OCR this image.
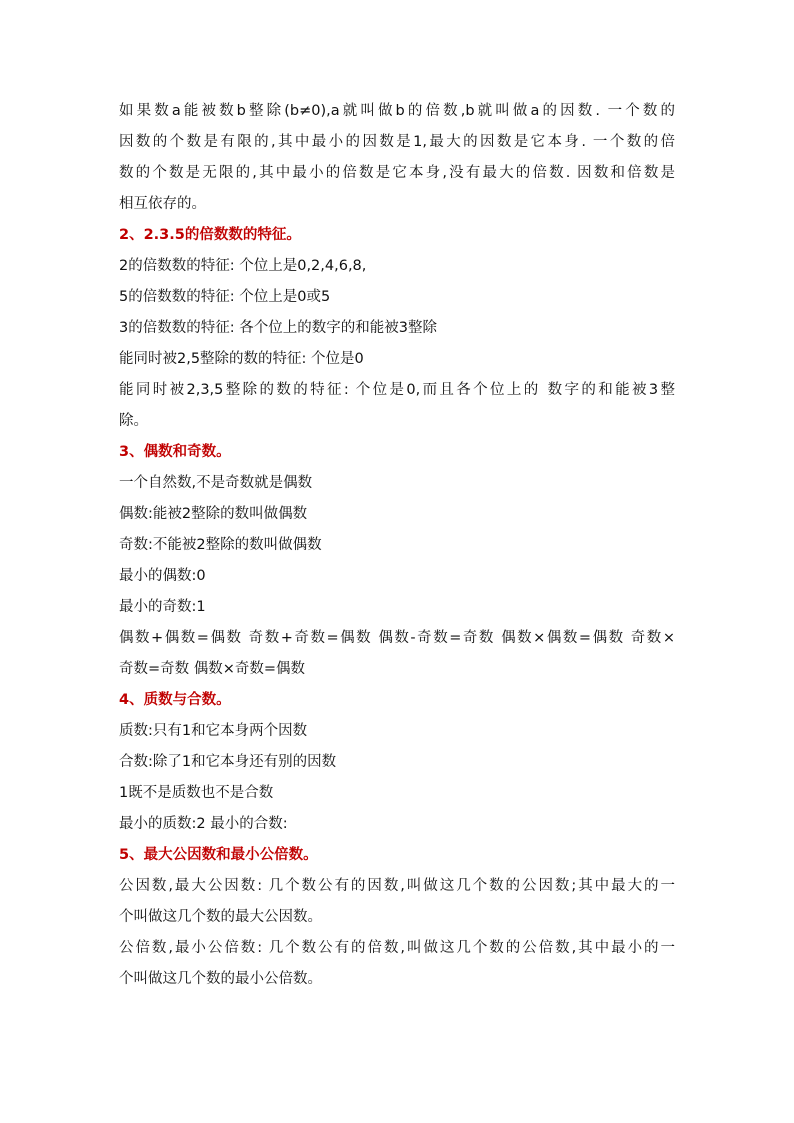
如果数a能被数b整除(b≠0),a就叫做b的倍数,b就叫做a的因数. 一个数的
因数的个数是有限的,其中最小的因数是1,最大的因数是它本身. 一个数的倍
数的个数是无限的,其中最小的倍数是它本身,没有最大的倍数. 因数和倍数是
相互依存的。
2、2.3.5的倍数数的特征。
2的倍数数的特征: 个位上是0,2,4,6,8,
5的倍数数的特征: 个位上是0或5
3的倍数数的特征: 各个位上的数字的和能被3整除
能同时被2,5整除的数的特征: 个位是0
能同时被2,3,5整除的数的特征: 个位是0,而且各个位上的 数字的和能被3整
除。
3、偶数和奇数。
一个自然数,不是奇数就是偶数
偶数:能被2整除的数叫做偶数
奇数:不能被2整除的数叫做偶数
最小的偶数:0
最小的奇数:1
偶数+偶数=偶数 奇数+奇数=偶数 偶数-奇数=奇数 偶数×偶数=偶数 奇数×
奇数=奇数 偶数×奇数=偶数
4、质数与合数。
质数:只有1和它本身两个因数
合数:除了1和它本身还有别的因数
1既不是质数也不是合数
最小的质数:2 最小的合数:
5、最大公因数和最小公倍数。
公因数,最大公因数: 几个数公有的因数,叫做这几个数的公因数;其中最大的一
个叫做这几个数的最大公因数。
公倍数,最小公倍数: 几个数公有的倍数,叫做这几个数的公倍数,其中最小的一
个叫做这几个数的最小公倍数。
